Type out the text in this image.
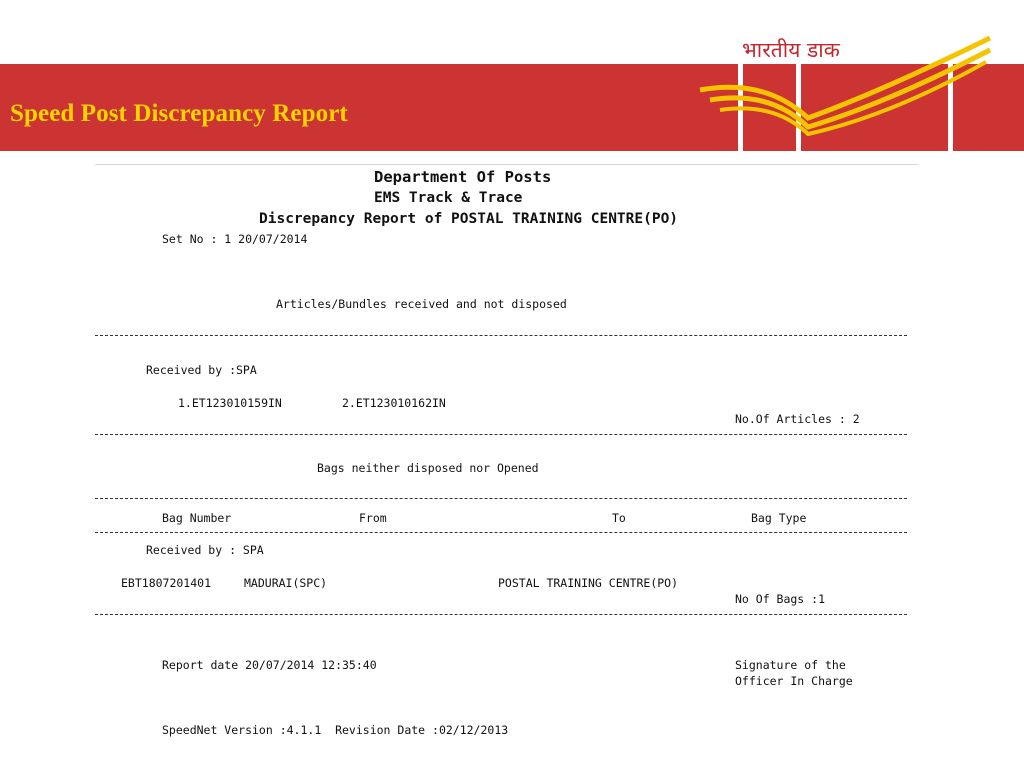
भारतीय डाक
Speed Post Discrepancy Report
Department Of Posts
EMS Track & Trace
Discrepancy Report of POSTAL TRAINING CENTRE(PO)
Set No : 1 20/07/2014
Articles/Bundles received and not disposed
Received by :SPA
1.ET123010159IN	2.ET123010162IN
No.Of Articles : 2
Bags neither disposed nor Opened
Bag Number	From	To	Bag Type
Received by : SPA
EBT1807201401	MADURAI(SPC)	POSTAL TRAINING CENTRE(PO)
No Of Bags :1
Report date 20/07/2014 12:35:40	Signature of the
Officer In Charge
SpeedNet Version :4.1.1  Revision Date :02/12/2013
